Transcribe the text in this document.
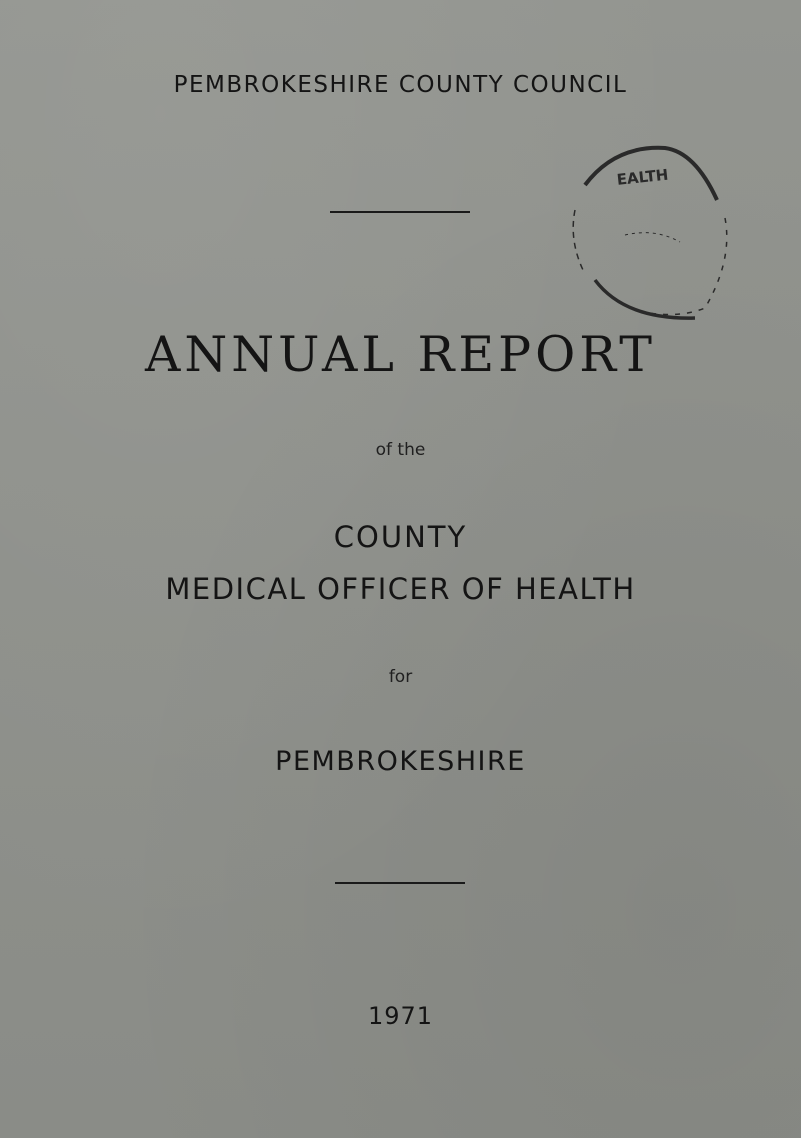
PEMBROKESHIRE COUNTY COUNCIL
EALTH
ANNUAL REPORT
of the
COUNTY
MEDICAL OFFICER OF HEALTH
for
PEMBROKESHIRE
1971
